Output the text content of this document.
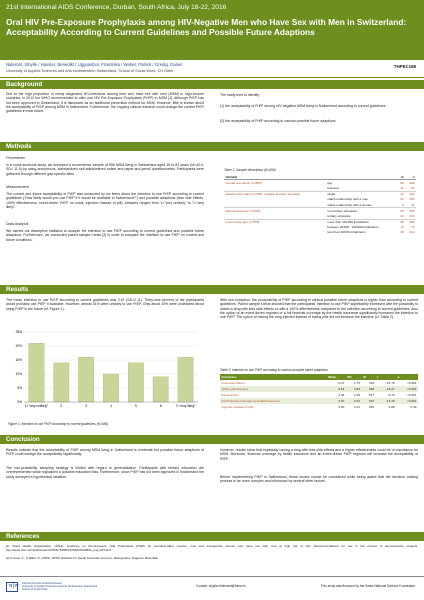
21st International AIDS Conference, Durban, South Africa, July 18-22, 2016
Oral HIV Pre-Exposure Prophylaxis among HIV-Negative Men who Have Sex with Men in Switzerland: Acceptability According to Current Guidelines and Possible Future Adaptions
Nideröst, Sibylle / Hassler, Benedikt / Uggowitzer, Franziska / Weber, Patrick / Gredig, Daniel
University of Applied Sciences and Arts Northwestern Switzerland, School of Social Work, CH-Olten
THPEC168
Background
Due to the high proportion of newly diagnosed HIV-infections among men who have sex with men (MSM) in high-income countries, in 2012 the WHO recommended to offer oral HIV Pre-Exposure Prophylaxis (PrEP) to MSM [1]. Although PrEP has not been approved in Switzerland, it is discussed as an additional prevention method for MSM. However, little is known about the acceptability of PrEP among MSM in Switzerland. Furthermore, the ongoing clinical research could change the current PrEP guidelines in near future.
The study tried to identify:
(1) the acceptability of PrEP among HIV-negative MSM living in Switzerland according to current guidelines
(2) the acceptability of PrEP according to various possible future adaptions
Methods
Procedures
In a cross-sectional study, we surveyed a convenience sample of 556 MSM living in Switzerland aged 15 to 81 years (M=40.6, SD= 11.9) by using anonymous, standardized self-administered online and paper-and-pencil questionnaires. Participants were gathered through different gay-specific sites.
Measurement
The current and future acceptability of PrEP was measured by six items about the intention to use PrEP according to current guidelines ("How likely would you use PrEP if it would be available in Switzerland?") and possible adaptions (less side effects, 100% effectiveness, event-driven PrEP, no costs, injection instead of pill). Answers ranged from 1="very unlikely" to 7="very likely".
Data Analysis
We carried out descriptive statistics to analyze the intention to use PrEP according to current guidelines and possible future adaptions. Furthermore, we conducted paired sample t-tests [2] in order to compare the intention to use PrEP on current and future conditions.
Table 1: Sample description (N=556)
Variable		%	n
Sexual orientation (n=555)	gay	88	489
	bisexual	11	62
Relationship status (n=556, multiple answers possible)	single	44	243
	stable relationship with a man	51	283
	stable relationship with a woman	6	32
Educational level (n=555)	non-tertiary education	56	309
	tertiary education	44	246
Community type (n=555)	more than 100'000 inhabitants	48	268
	between 20'000 - 100'000 inhabitants	13	73
	less than 20'000 inhabitants	39	214
Results
The mean intention to use PrEP according to current guidelines was 3.67 (SD=2.11). Thirty-nine percent of the participants would probably use PrEP if available. However, almost 51% were unlikely to use PrEP. Only about 10% were undecided about using PrEP in the future (cf. Figure 1).
With one exception, the acceptability of PrEP according to various possible future adaptions is higher than according to current guidelines. Paired sample t-tests showed that the participants' intention to use PrEP significantly increased with the possibility to obtain a drug with less side effects or with a 100% effectiveness compared to the intention according to current guidelines. Also the option of an event-driven regimen or a full financial coverage by the health insurance significantly increased the intention to use PrEP. The option of having the drug injected instead of taking pills did not increase the intention (cf. Table 2).
0%
5%
10%
15%
20%
25%
1="very unlikely"	2	3	4	5	6	7="very likely"
Figure 1: Intention to use PrEP according to current guidelines (N=556)
Table 2: Intention to use PrEP according to various possible future adaptions
Scenarios	Mean	SD	df	t	p
Less side effects	5.47	1.75	533	-15.79	<0.001
100% effectiveness	5.61	1.83	548	-18.27	<0.001
Event-driven	4.35	2.35	517	-5.76	<0.001
Full financial coverage by health insurance	4.97	2.24	547	-13.70	<0.001
Injection instead of pills	3.60	2.31	546	0.86	0.39
Conclusion
Results indicate that the acceptability of PrEP among MSM living in Switzerland is moderate but possible future adaptions of PrEP could enlarge the acceptability significantly.
The non-probability sampling strategy is limited with regard to generalization. Participants with tertiary education are overrepresented which signalizes a possible education bias. Furthermore, since PrEP has not been approved in Switzerland the study surveyed a hypothetical situation.
However, results show that especially having a drug with less side-effects and a higher effectiveness could be of importance for MSM. Moreover, financial coverage by health insurance and an event-driven PrEP regimen will increase the acceptability of PrEP.
Before implementing PrEP in Switzerland, these issues should be considered while being aware that the decision making process is far more complex and influenced by several other factors.
References
[1] World Health Organization. (2012). Guidance on Pre-Exposure Oral Prophylaxis (PrEP) for serodiscordant couples, men and transgender women who have sex with men at high risk of HIV. Recommendations for use in the context of demonstration projects. http://apps.who.int/iris/bitstream/10665/75188/1/9789241503884_eng.pdf?ua=1
[2] Cramer, A., & Miller, R. (2009). SPSS Statistics for Social Scientists (2nd ed.). Basingstoke: Palgrave Macmillan.
n|w Fachhochschule Nordwestschweiz
University of Applied Sciences and Arts Northwestern Switzerland
School of Social Work
Contact: sibylle.nideroest@fhnw.ch	This study was financed by the Swiss National Science Foundation.
